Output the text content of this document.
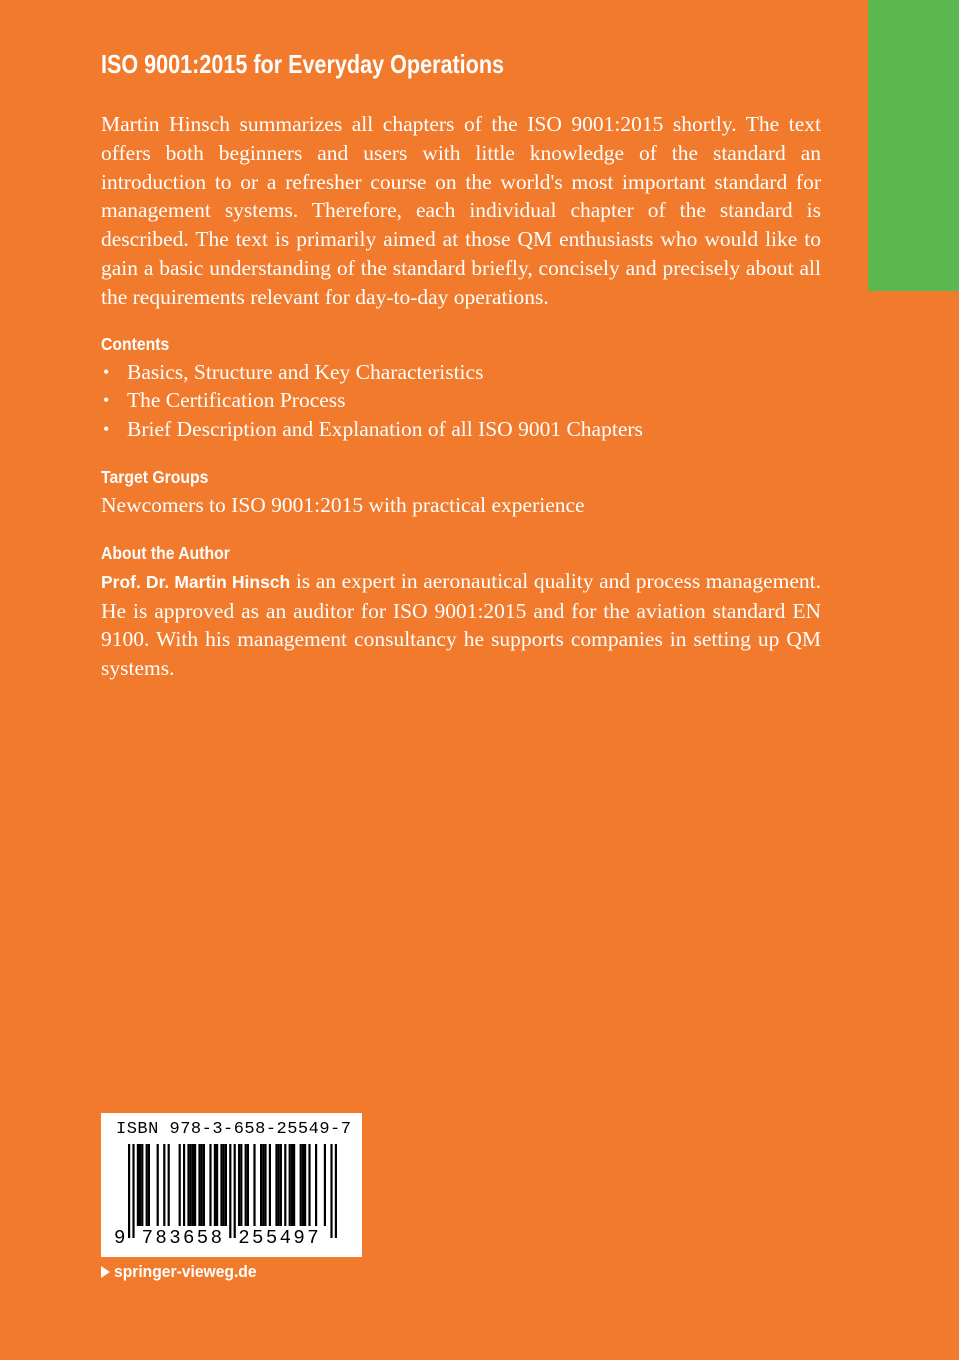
ISO 9001:2015 for Everyday Operations

Martin Hinsch summarizes all chapters of the ISO 9001:2015 shortly. The text offers both beginners and users with little knowledge of the standard an introduction to or a refresher course on the world's most important standard for management systems. Therefore, each individual chapter of the standard is described. The text is primarily aimed at those QM enthusiasts who would like to gain a basic understanding of the standard briefly, concisely and precisely about all the requirements relevant for day-to-day operations.

Contents
• Basics, Structure and Key Characteristics
• The Certification Process
• Brief Description and Explanation of all ISO 9001 Chapters
Target Groups

Newcomers to ISO 9001:2015 with practical experience

About the Author

Prof. Dr. Martin Hinsch is an expert in aeronautical quality and process management. He is approved as an auditor for ISO 9001:2015 and for the aviation standard EN 9100. With his management consultancy he supports companies in setting up QM systems.

ISBN 978-3-658-25549-7
9 783658 255497
springer-vieweg.de
